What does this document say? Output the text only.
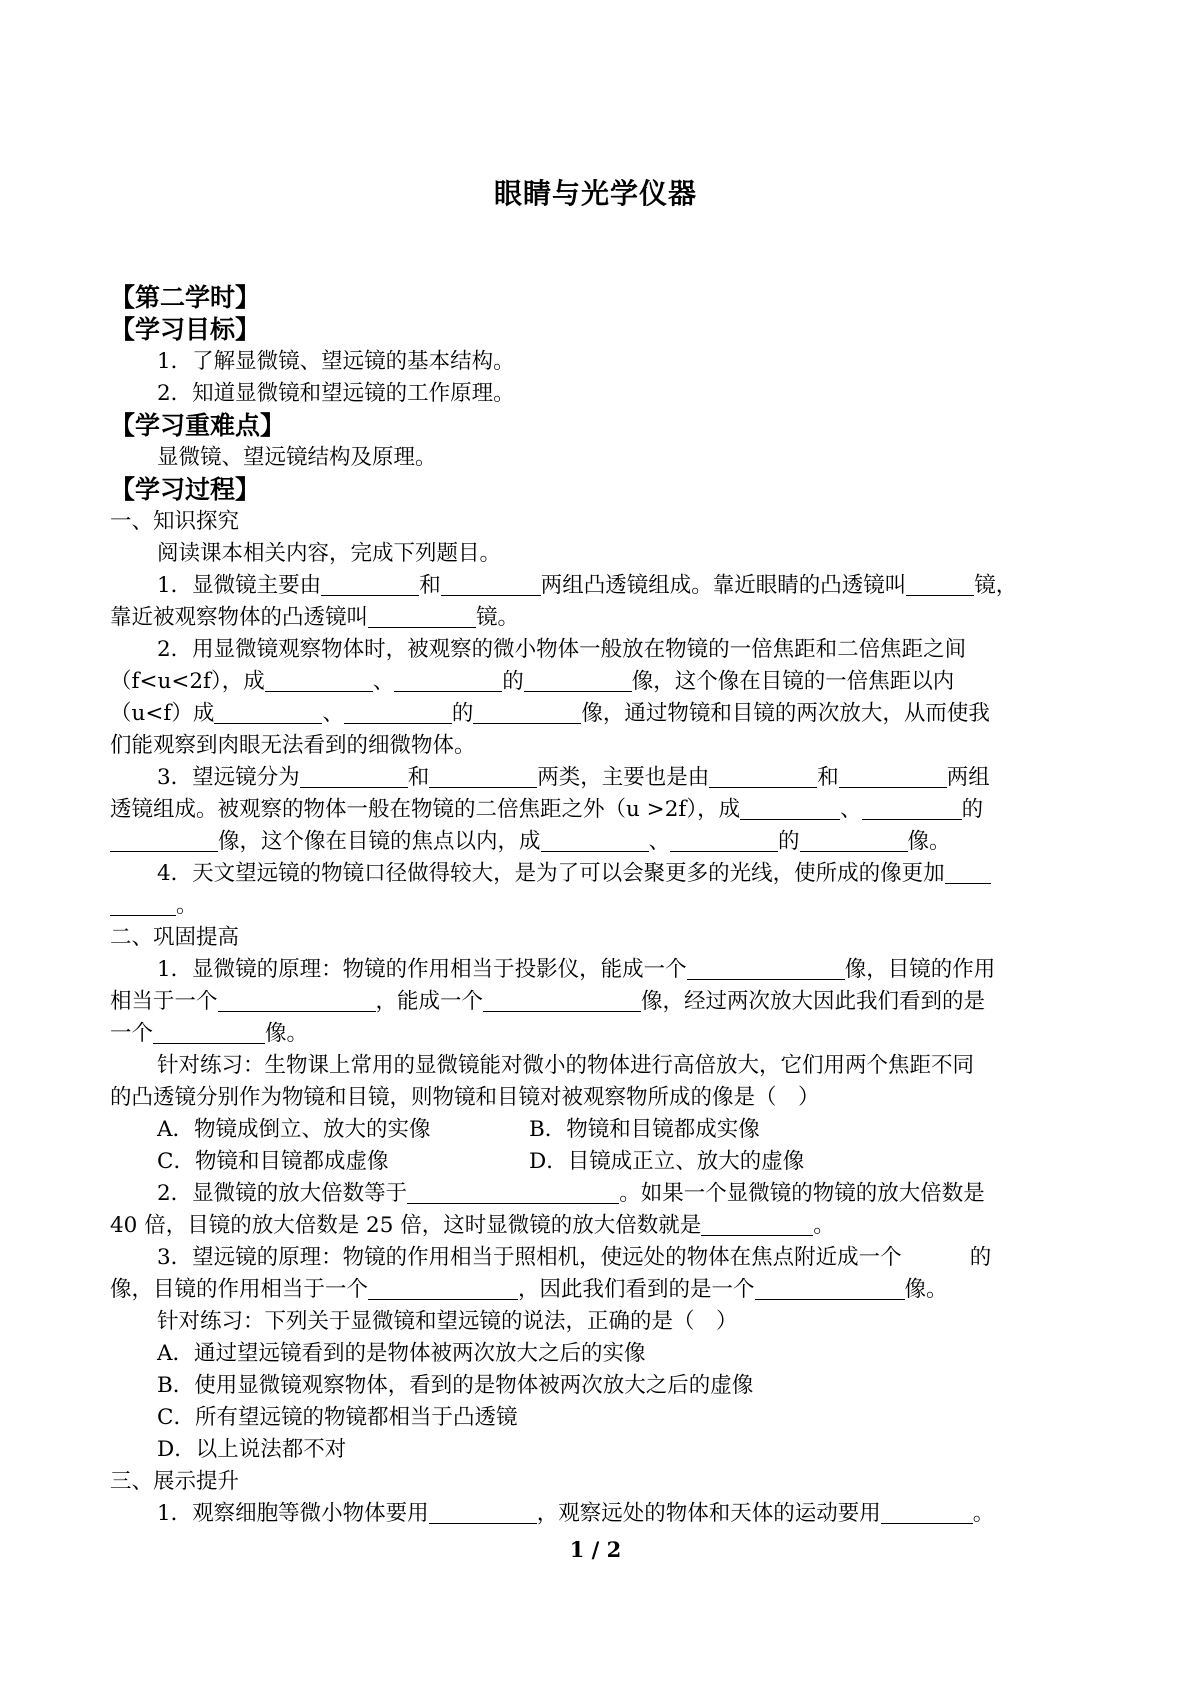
眼睛与光学仪器
【第二学时】
【学习目标】
1．了解显微镜、望远镜的基本结构。
2．知道显微镜和望远镜的工作原理。
【学习重难点】
显微镜、望远镜结构及原理。
【学习过程】
一、知识探究
阅读课本相关内容，完成下列题目。
1．显微镜主要由	和	两组凸透镜组成。靠近眼睛的凸透镜叫	镜，
靠近被观察物体的凸透镜叫	镜。
2．用显微镜观察物体时，被观察的微小物体一般放在物镜的一倍焦距和二倍焦距之间
（f<u<2f），成	、	的	像，这个像在目镜的一倍焦距以内
（u<f）成	、	的	像，通过物镜和目镜的两次放大，从而使我
们能观察到肉眼无法看到的细微物体。
3．望远镜分为	和	两类，主要也是由	和	两组
透镜组成。被观察的物体一般在物镜的二倍焦距之外（u >2f），成	、	的
像，这个像在目镜的焦点以内，成	、	的	像。
4．天文望远镜的物镜口径做得较大，是为了可以会聚更多的光线，使所成的像更加
。
二、巩固提高
1．显微镜的原理：物镜的作用相当于投影仪，能成一个	像，目镜的作用
相当于一个	，能成一个	像，经过两次放大因此我们看到的是
一个	像。
针对练习：生物课上常用的显微镜能对微小的物体进行高倍放大，它们用两个焦距不同
的凸透镜分别作为物镜和目镜，则物镜和目镜对被观察物所成的像是（　）
A．物镜成倒立、放大的实像	B．物镜和目镜都成实像
C．物镜和目镜都成虚像	D．目镜成正立、放大的虚像
2．显微镜的放大倍数等于	。如果一个显微镜的物镜的放大倍数是
40 倍，目镜的放大倍数是 25 倍，这时显微镜的放大倍数就是	。
3．望远镜的原理：物镜的作用相当于照相机，使远处的物体在焦点附近成一个	的
像，目镜的作用相当于一个	，因此我们看到的是一个	像。
针对练习：下列关于显微镜和望远镜的说法，正确的是（　）
A．通过望远镜看到的是物体被两次放大之后的实像
B．使用显微镜观察物体，看到的是物体被两次放大之后的虚像
C．所有望远镜的物镜都相当于凸透镜
D．以上说法都不对
三、展示提升
1．观察细胞等微小物体要用	，观察远处的物体和天体的运动要用	。
1 / 2
